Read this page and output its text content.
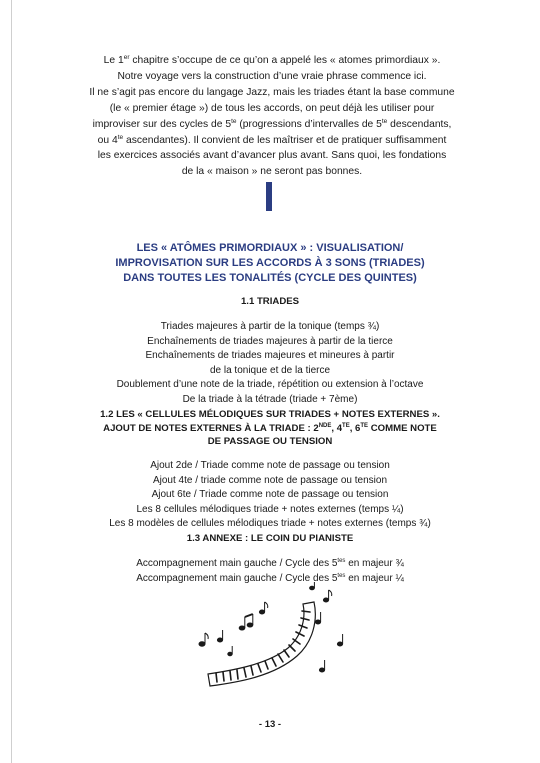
Le 1er chapitre s’occupe de ce qu’on a appelé les « atomes primordiaux ».
Notre voyage vers la construction d’une vraie phrase commence ici.
Il ne s’agit pas encore du langage Jazz, mais les triades étant la base commune
(le « premier étage ») de tous les accords, on peut déjà les utiliser pour
improviser sur des cycles de $5^{te}$ (progressions d’intervalles de $5^{te}$ descendants,
ou $4^{te}$ ascendantes). Il convient de les maîtriser et de pratiquer suffisamment
les exercices associés avant d’avancer plus avant. Sans quoi, les fondations
de la « maison » ne seront pas bonnes.
LES « ATÔMES PRIMORDIAUX » : VISUALISATION/
IMPROVISATION SUR LES ACCORDS À 3 SONS (TRIADES)
DANS TOUTES LES TONALITÉS (CYCLE DES QUINTES)
1.1 TRIADES
Triades majeures à partir de la tonique (temps ¾)
Enchaînements de triades majeures à partir de la tierce
Enchaînements de triades majeures et mineures à partir
de la tonique et de la tierce
Doublement d’une note de la triade, répétition ou extension à l’octave
De la triade à la tétrade (triade + 7ème)
1.2 LES « CELLULES MÉLODIQUES SUR TRIADES + NOTES EXTERNES ».
AJOUT DE NOTES EXTERNES À LA TRIADE : 2NDE, $4^{TE}$, $6^{TE}$ COMME NOTE
DE PASSAGE OU TENSION
Ajout 2de / Triade comme note de passage ou tension
Ajout 4te / triade comme note de passage ou tension
Ajout 6te / Triade comme note de passage ou tension
Les 8 cellules mélodiques triade + notes externes (temps ¼)
Les 8 modèles de cellules mélodiques triade + notes externes (temps ¾)
1.3 ANNEXE : LE COIN DU PIANISTE
Accompagnement main gauche / Cycle des $5^{tes}$ en majeur ¾
Accompagnement main gauche / Cycle des $5^{tes}$ en majeur ¼
- 13 -
